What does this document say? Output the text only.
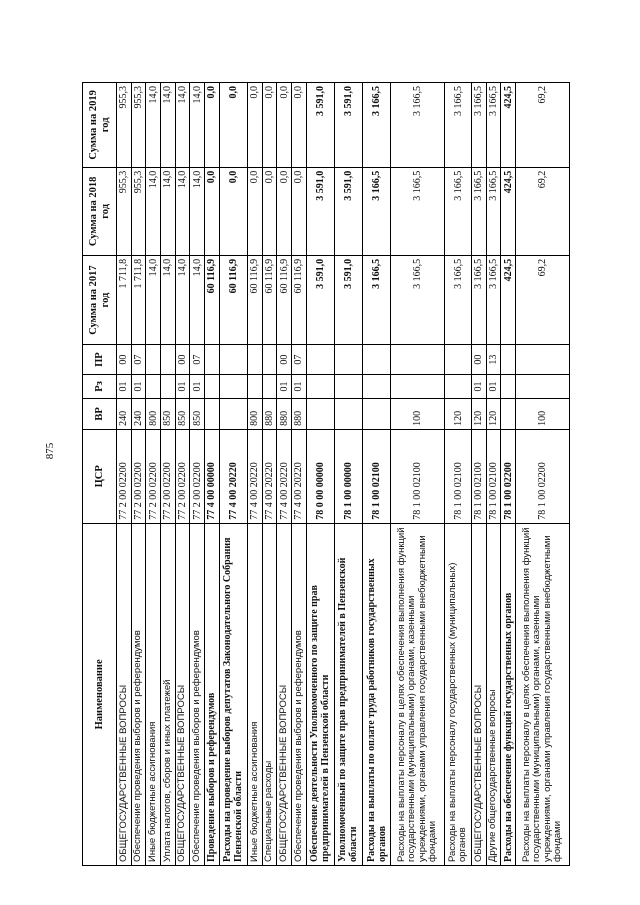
875
Наименование	ЦСР	ВР	Рз	ПР	Сумма на 2017 год	Сумма на 2018 год	Сумма на 2019 год
ОБЩЕГОСУДАРСТВЕННЫЕ ВОПРОСЫ	77 2 00 02200	240	01	00	1 711,8	955,3	955,3
Обеспечение проведения выборов и референдумов	77 2 00 02200	240	01	07	1 711,8	955,3	955,3
Иные бюджетные ассигнования	77 2 00 02200	800			14,0	14,0	14,0
Уплата налогов, сборов и иных платежей	77 2 00 02200	850			14,0	14,0	14,0
ОБЩЕГОСУДАРСТВЕННЫЕ ВОПРОСЫ	77 2 00 02200	850	01	00	14,0	14,0	14,0
Обеспечение проведения выборов и референдумов	77 2 00 02200	850	01	07	14,0	14,0	14,0
Проведение выборов и референдумов	77 4 00 00000				60 116,9	0,0	0,0
Расходы на проведение выборов депутатов Законодательного Собрания Пензенской области	77 4 00 20220				60 116,9	0,0	0,0
Иные бюджетные ассигнования	77 4 00 20220	800			60 116,9	0,0	0,0
Специальные расходы	77 4 00 20220	880			60 116,9	0,0	0,0
ОБЩЕГОСУДАРСТВЕННЫЕ ВОПРОСЫ	77 4 00 20220	880	01	00	60 116,9	0,0	0,0
Обеспечение проведения выборов и референдумов	77 4 00 20220	880	01	07	60 116,9	0,0	0,0
Обеспечение деятельности Уполномоченного по защите прав предпринимателей в Пензенской области	78 0 00 00000				3 591,0	3 591,0	3 591,0
Уполномоченный по защите прав предпринимателей в Пензенской области	78 1 00 00000				3 591,0	3 591,0	3 591,0
Расходы на выплаты по оплате труда работников государственных органов	78 1 00 02100				3 166,5	3 166,5	3 166,5
Расходы на выплаты персоналу в целях обеспечения выполнения функций государственными (муниципальными) органами, казенными учреждениями, органами управления государственными внебюджетными фондами	78 1 00 02100	100			3 166,5	3 166,5	3 166,5
Расходы на выплаты персоналу государственных (муниципальных) органов	78 1 00 02100	120			3 166,5	3 166,5	3 166,5
ОБЩЕГОСУДАРСТВЕННЫЕ ВОПРОСЫ	78 1 00 02100	120	01	00	3 166,5	3 166,5	3 166,5
Другие общегосударственные вопросы	78 1 00 02100	120	01	13	3 166,5	3 166,5	3 166,5
Расходы на обеспечение функций государственных органов	78 1 00 02200				424,5	424,5	424,5
Расходы на выплаты персоналу в целях обеспечения выполнения функций государственными (муниципальными) органами, казенными учреждениями, органами управления государственными внебюджетными фондами	78 1 00 02200	100			69,2	69,2	69,2
